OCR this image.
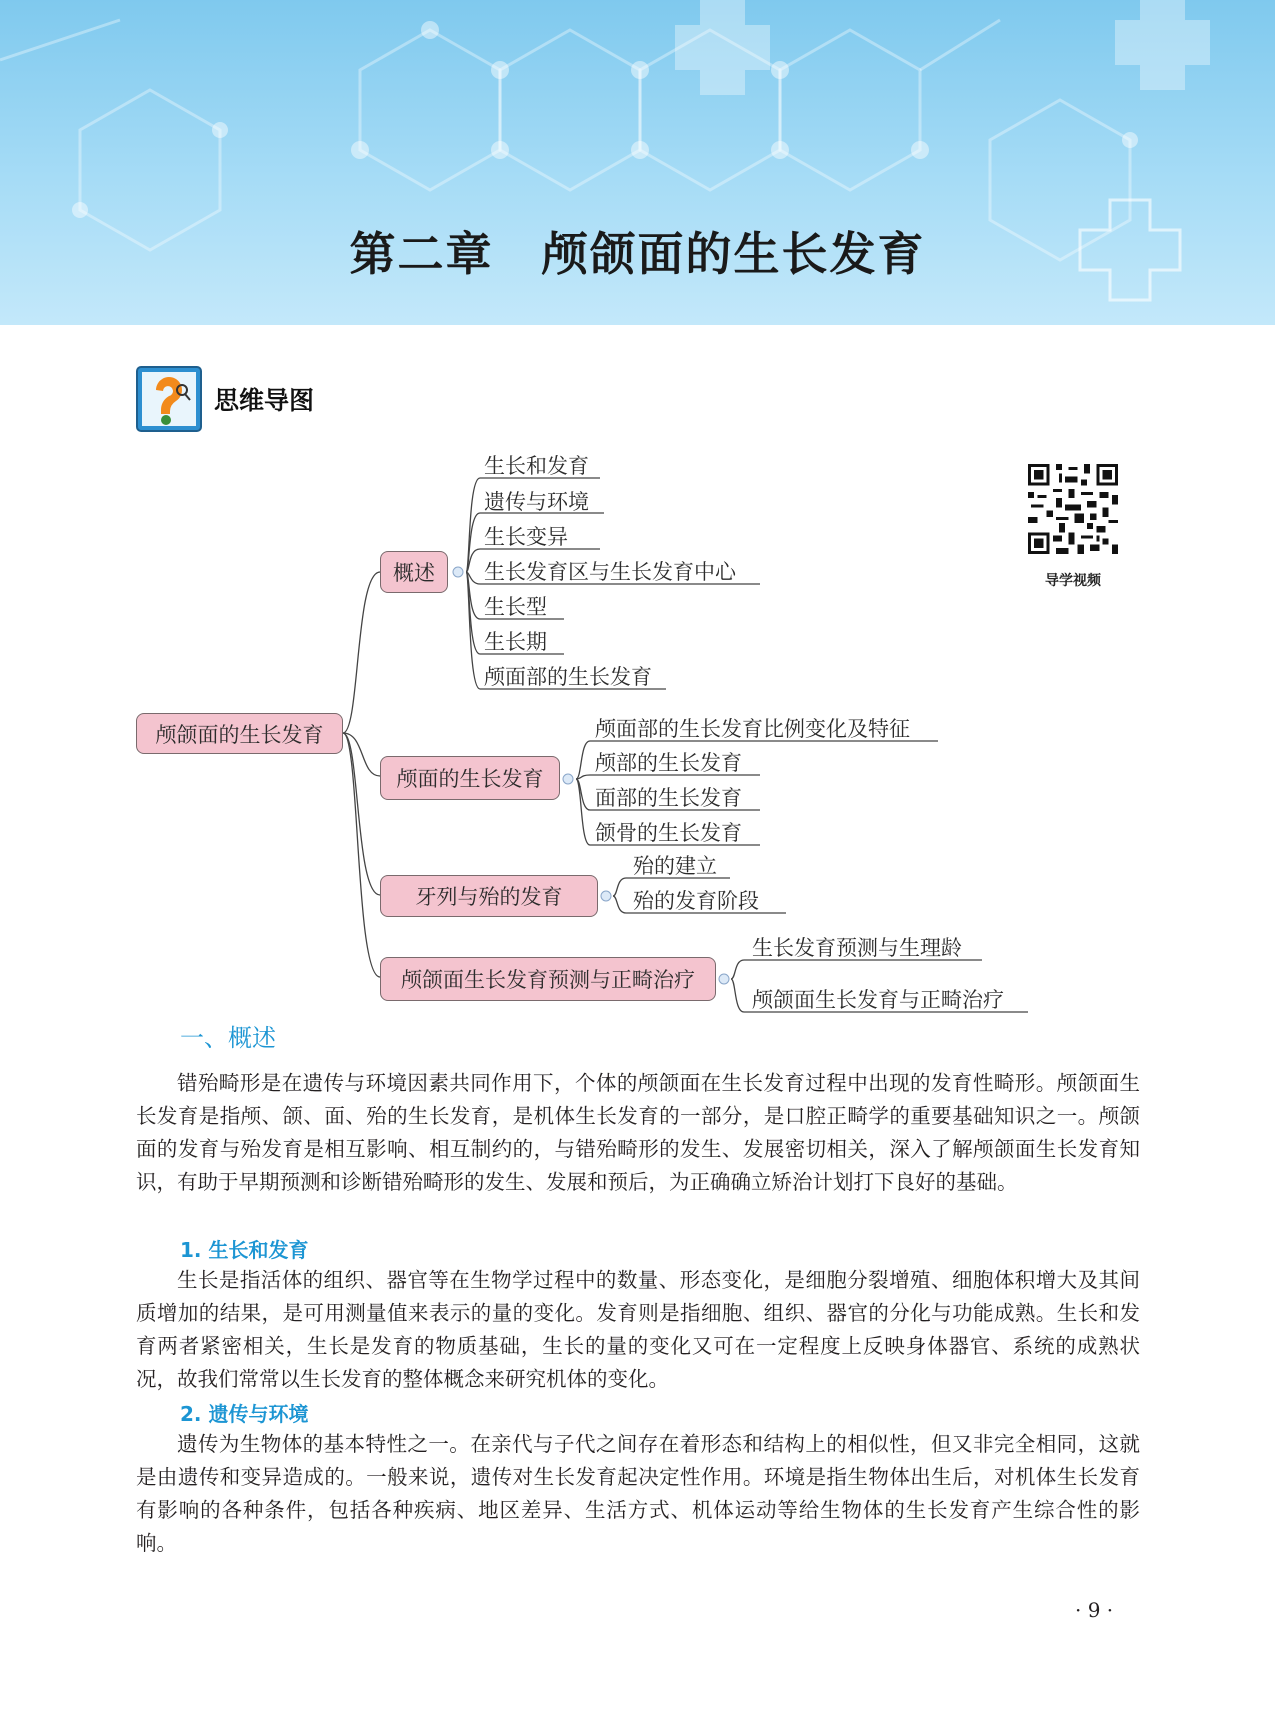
第二章　颅颌面的生长发育
思维导图
颅颌面的生长发育
概述
颅面的生长发育
牙列与殆的发育
颅颌面生长发育预测与正畸治疗
生长和发育
遗传与环境
生长变异
生长发育区与生长发育中心
生长型
生长期
颅面部的生长发育
颅面部的生长发育比例变化及特征
颅部的生长发育
面部的生长发育
颌骨的生长发育
殆的建立
殆的发育阶段
生长发育预测与生理龄
颅颌面生长发育与正畸治疗
导学视频
一、概述

错殆畸形是在遗传与环境因素共同作用下，个体的颅颌面在生长发育过程中出现的发育性畸形。颅颌面生长发育是指颅、颌、面、殆的生长发育，是机体生长发育的一部分，是口腔正畸学的重要基础知识之一。颅颌面的发育与殆发育是相互影响、相互制约的，与错殆畸形的发生、发展密切相关，深入了解颅颌面生长发育知识，有助于早期预测和诊断错殆畸形的发生、发展和预后，为正确确立矫治计划打下良好的基础。

1. 生长和发育

生长是指活体的组织、器官等在生物学过程中的数量、形态变化，是细胞分裂增殖、细胞体积增大及其间质增加的结果，是可用测量值来表示的量的变化。发育则是指细胞、组织、器官的分化与功能成熟。生长和发育两者紧密相关，生长是发育的物质基础，生长的量的变化又可在一定程度上反映身体器官、系统的成熟状况，故我们常常以生长发育的整体概念来研究机体的变化。

2. 遗传与环境

遗传为生物体的基本特性之一。在亲代与子代之间存在着形态和结构上的相似性，但又非完全相同，这就是由遗传和变异造成的。一般来说，遗传对生长发育起决定性作用。环境是指生物体出生后，对机体生长发育有影响的各种条件，包括各种疾病、地区差异、生活方式、机体运动等给生物体的生长发育产生综合性的影响。

· 9 ·
